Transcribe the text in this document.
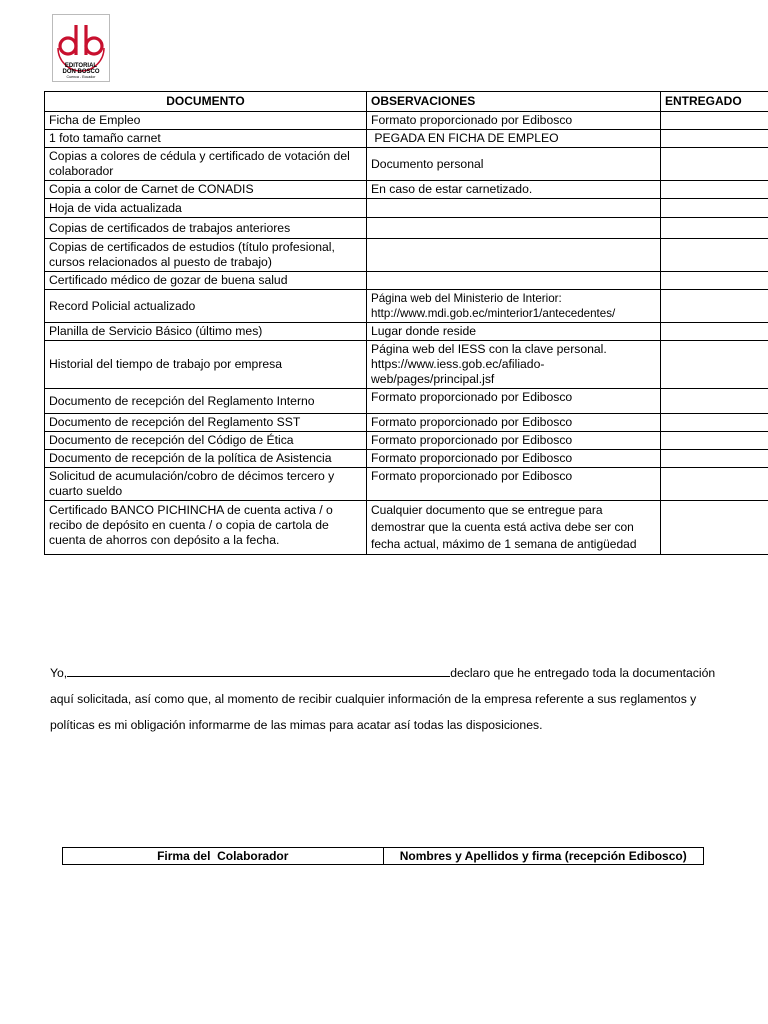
EDITORIAL
DON BOSCO
Cuenca - Ecuador
DOCUMENTO	OBSERVACIONES	ENTREGADO
Ficha de Empleo	Formato proporcionado por Edibosco	
1 foto tamaño carnet	PEGADA EN FICHA DE EMPLEO	
Copias a colores de cédula y certificado de votación del colaborador	Documento personal	
Copia a color de Carnet de CONADIS	En caso de estar carnetizado.	
Hoja de vida actualizada		
Copias de certificados de trabajos anteriores		
Copias de certificados de estudios (título profesional, cursos relacionados al puesto de trabajo)		
Certificado médico de gozar de buena salud		
Record Policial actualizado	Página web del Ministerio de Interior: http://www.mdi.gob.ec/minterior1/antecedentes/	
Planilla de Servicio Básico (último mes)	Lugar donde reside	
Historial del tiempo de trabajo por empresa	Página web del IESS con la clave personal. https://www.iess.gob.ec/afiliado-web/pages/principal.jsf	
Documento de recepción del Reglamento Interno	Formato proporcionado por Edibosco	
Documento de recepción del Reglamento SST	Formato proporcionado por Edibosco	
Documento de recepción del Código de Ética	Formato proporcionado por Edibosco	
Documento de recepción de la política de Asistencia	Formato proporcionado por Edibosco	
Solicitud de acumulación/cobro de décimos tercero y cuarto sueldo	Formato proporcionado por Edibosco	
Certificado BANCO PICHINCHA de cuenta activa / o recibo de depósito en cuenta / o copia de cartola de cuenta de ahorros con depósito a la fecha.	Cualquier documento que se entregue para demostrar que la cuenta está activa debe ser con fecha actual, máximo de 1 semana de antigüedad	
Yo,	declaro que he entregado toda la documentación aquí solicitada, así como que, al momento de recibir cualquier información de la empresa referente a sus reglamentos y políticas es mi obligación informarme de las mimas para acatar así todas las disposiciones.
Firma del  Colaborador	Nombres y Apellidos y firma (recepción Edibosco)
